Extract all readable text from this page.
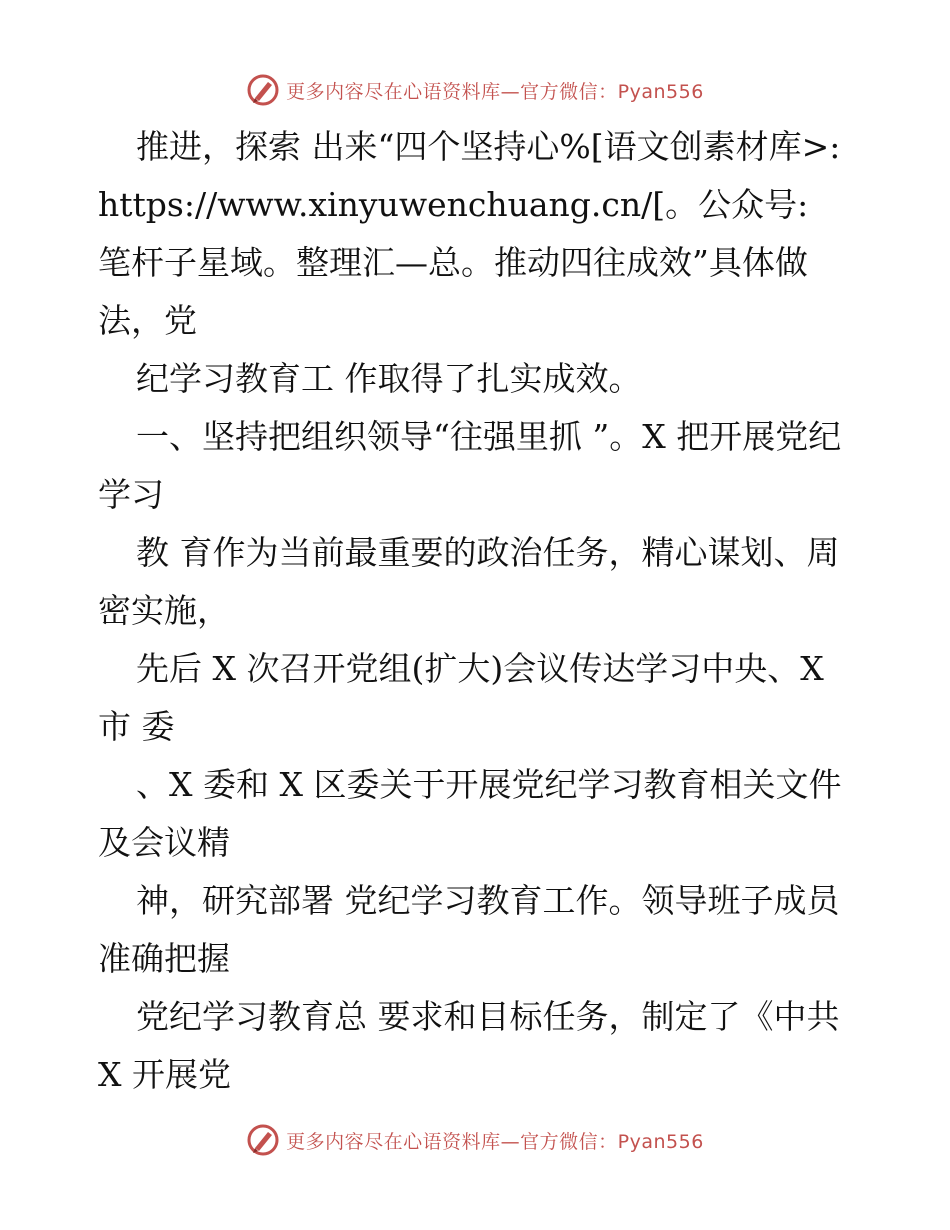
更多内容尽在心语资料库—官方微信：Pyan556

推进，探索 出来“四个坚持心%[语文创素材库>: https://www.xinyuwenchuang.cn/[。公众号: 笔杆子星域。整理汇—总。推动四往成效”具体做法，党

纪学习教育工 作取得了扎实成效。

一、坚持把组织领导“往强里抓 ”。X 把开展党纪学习

教 育作为当前最重要的政治任务，精心谋划、周密实施，

先后 X 次召开党组(扩大)会议传达学习中央、X 市 委

、X 委和 X 区委关于开展党纪学习教育相关文件及会议精

神，研究部署 党纪学习教育工作。领导班子成员准确把握

党纪学习教育总 要求和目标任务，制定了《中共 X 开展党

更多内容尽在心语资料库—官方微信：Pyan556
